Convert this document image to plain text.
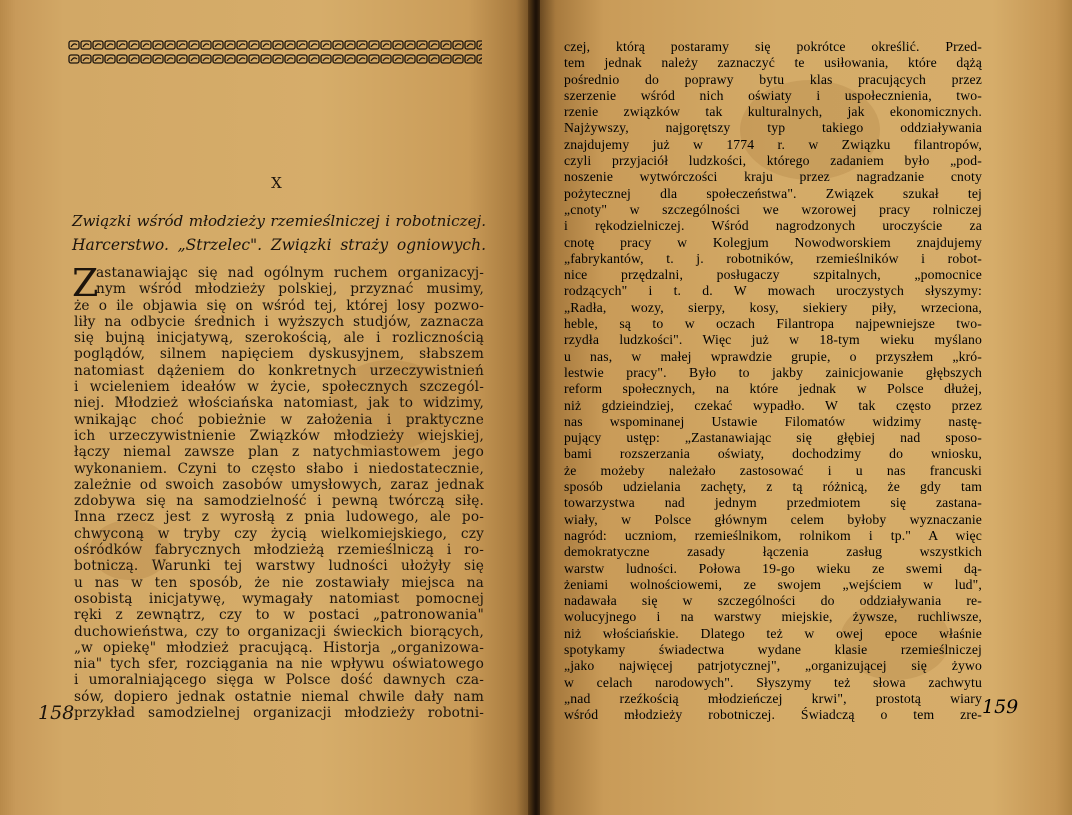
X
Związki wśród młodzieży rzemieślniczej i robotniczej.
Harcerstwo. „Strzelec". Związki straży ogniowych.
Z

astanawiając się nad ogólnym ruchem organizacyj-

nym wśród młodzieży polskiej, przyznać musimy,

że o ile objawia się on wśród tej, której losy pozwo-

liły na odbycie średnich i wyższych studjów, zaznacza

się bujną inicjatywą, szerokością, ale i rozlicznością

poglądów, silnem napięciem dyskusyjnem, słabszem

natomiast dążeniem do konkretnych urzeczywistnień

i wcieleniem ideałów w życie, społecznych szczegól-

niej. Młodzież włościańska natomiast, jak to widzimy,

wnikając choć pobieżnie w założenia i praktyczne

ich urzeczywistnienie Związków młodzieży wiejskiej,

łączy niemal zawsze plan z natychmiastowem jego

wykonaniem. Czyni to często słabo i niedostatecznie,

zależnie od swoich zasobów umysłowych, zaraz jednak

zdobywa się na samodzielność i pewną twórczą siłę.

Inna rzecz jest z wyrosłą z pnia ludowego, ale po-

chwyconą w tryby czy życią wielkomiejskiego, czy

ośródków fabrycznych młodzieżą rzemieślniczą i ro-

botniczą. Warunki tej warstwy ludności ułożyły się

u nas w ten sposób, że nie zostawiały miejsca na

osobistą inicjatywę, wymagały natomiast pomocnej

ręki z zewnątrz, czy to w postaci „patronowania"

duchowieństwa, czy to organizacji świeckich biorących,

„w opiekę" młodzież pracującą. Historja „organizowa-

nia" tych sfer, rozciągania na nie wpływu oświatowego

i umoralniającego sięga w Polsce dość dawnych cza-

sów, dopiero jednak ostatnie niemal chwile dały nam

przykład samodzielnej organizacji młodzieży robotni-

158

czej, którą postaramy się pokrótce określić. Przed-

tem jednak należy zaznaczyć te usiłowania, które dążą

pośrednio do poprawy bytu klas pracujących przez

szerzenie wśród nich oświaty i uspołecznienia, two-

rzenie związków tak kulturalnych, jak ekonomicznych.

Najżywszy, najgorętszy typ takiego oddziaływania

znajdujemy już w 1774 r. w Związku filantropów,

czyli przyjaciół ludzkości, którego zadaniem było „pod-

noszenie wytwórczości kraju przez nagradzanie cnoty

pożytecznej dla społeczeństwa". Związek szukał tej

„cnoty" w szczególności we wzorowej pracy rolniczej

i rękodzielniczej. Wśród nagrodzonych uroczyście za

cnotę pracy w Kolegjum Nowodworskiem znajdujemy

„fabrykantów, t. j. robotników, rzemieślników i robot-

nice przędzalni, posługaczy szpitalnych, „pomocnice

rodzących" i t. d. W mowach uroczystych słyszymy:

„Radła, wozy, sierpy, kosy, siekiery piły, wrzeciona,

heble, są to w oczach Filantropa najpewniejsze two-

rzydła ludzkości". Więc już w 18-tym wieku myślano

u nas, w małej wprawdzie grupie, o przyszłem „kró-

lestwie pracy". Było to jakby zainicjowanie głębszych

reform społecznych, na które jednak w Polsce dłużej,

niż gdzieindziej, czekać wypadło. W tak często przez

nas wspominanej Ustawie Filomatów widzimy nastę-

pujący ustęp: „Zastanawiając się głębiej nad sposo-

bami rozszerzania oświaty, dochodzimy do wniosku,

że możeby należało zastosować i u nas francuski

sposób udzielania zachęty, z tą różnicą, że gdy tam

towarzystwa nad jednym przedmiotem się zastana-

wiały, w Polsce głównym celem byłoby wyznaczanie

nagród: uczniom, rzemieślnikom, rolnikom i tp." A więc

demokratyczne zasady łączenia zasług wszystkich

warstw ludności. Połowa 19-go wieku ze swemi dą-

żeniami wolnościowemi, ze swojem „wejściem w lud",

nadawała się w szczególności do oddziaływania re-

wolucyjnego i na warstwy miejskie, żywsze, ruchliwsze,

niż włościańskie. Dlatego też w owej epoce właśnie

spotykamy świadectwa wydane klasie rzemieślniczej

„jako najwięcej patrjotycznej", „organizującej się żywo

w celach narodowych". Słyszymy też słowa zachwytu

„nad rzeźkością młodzieńczej krwi", prostotą wiary

wśród młodzieży robotniczej. Świadczą o tem zre- 159
